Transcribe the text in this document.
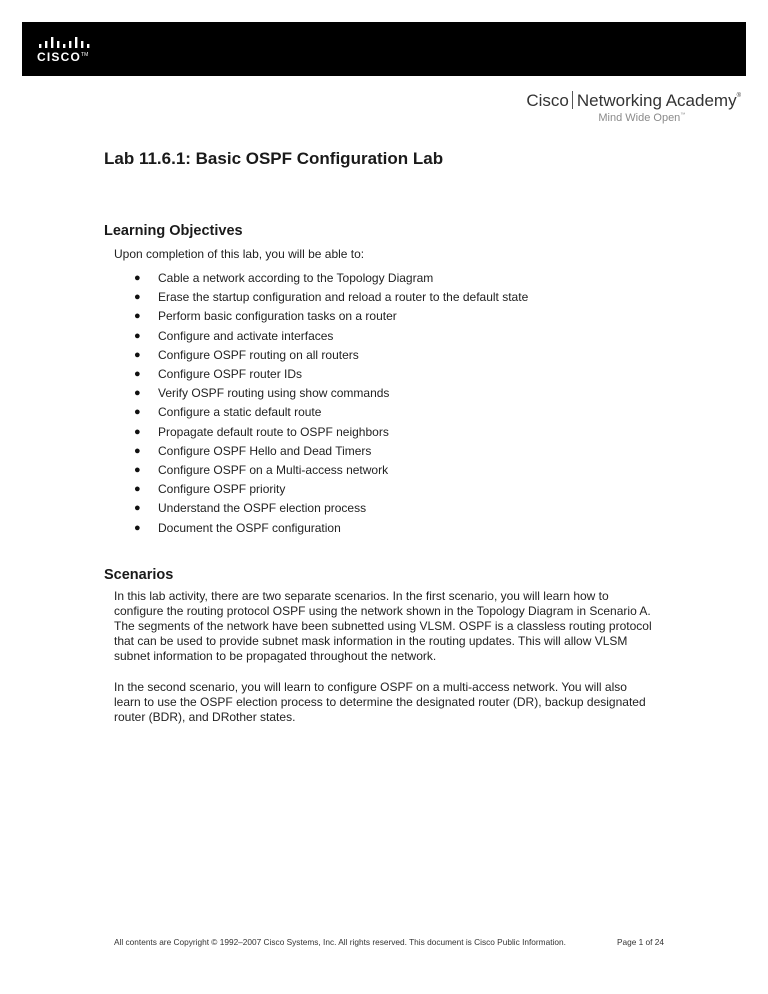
CISCO™
Cisco Networking Academy®
Mind Wide Open™
Lab 11.6.1: Basic OSPF Configuration Lab
Learning Objectives

Upon completion of this lab, you will be able to:

● Cable a network according to the Topology Diagram
● Erase the startup configuration and reload a router to the default state
● Perform basic configuration tasks on a router
● Configure and activate interfaces
● Configure OSPF routing on all routers
● Configure OSPF router IDs
● Verify OSPF routing using show commands
● Configure a static default route
● Propagate default route to OSPF neighbors
● Configure OSPF Hello and Dead Timers
● Configure OSPF on a Multi-access network
● Configure OSPF priority
● Understand the OSPF election process
● Document the OSPF configuration
Scenarios

In this lab activity, there are two separate scenarios. In the first scenario, you will learn how to configure the routing protocol OSPF using the network shown in the Topology Diagram in Scenario A. The segments of the network have been subnetted using VLSM. OSPF is a classless routing protocol that can be used to provide subnet mask information in the routing updates. This will allow VLSM subnet information to be propagated throughout the network.

In the second scenario, you will learn to configure OSPF on a multi-access network. You will also learn to use the OSPF election process to determine the designated router (DR), backup designated router (BDR), and DRother states.

All contents are Copyright © 1992–2007 Cisco Systems, Inc. All rights reserved. This document is Cisco Public Information.	Page 1 of 24
